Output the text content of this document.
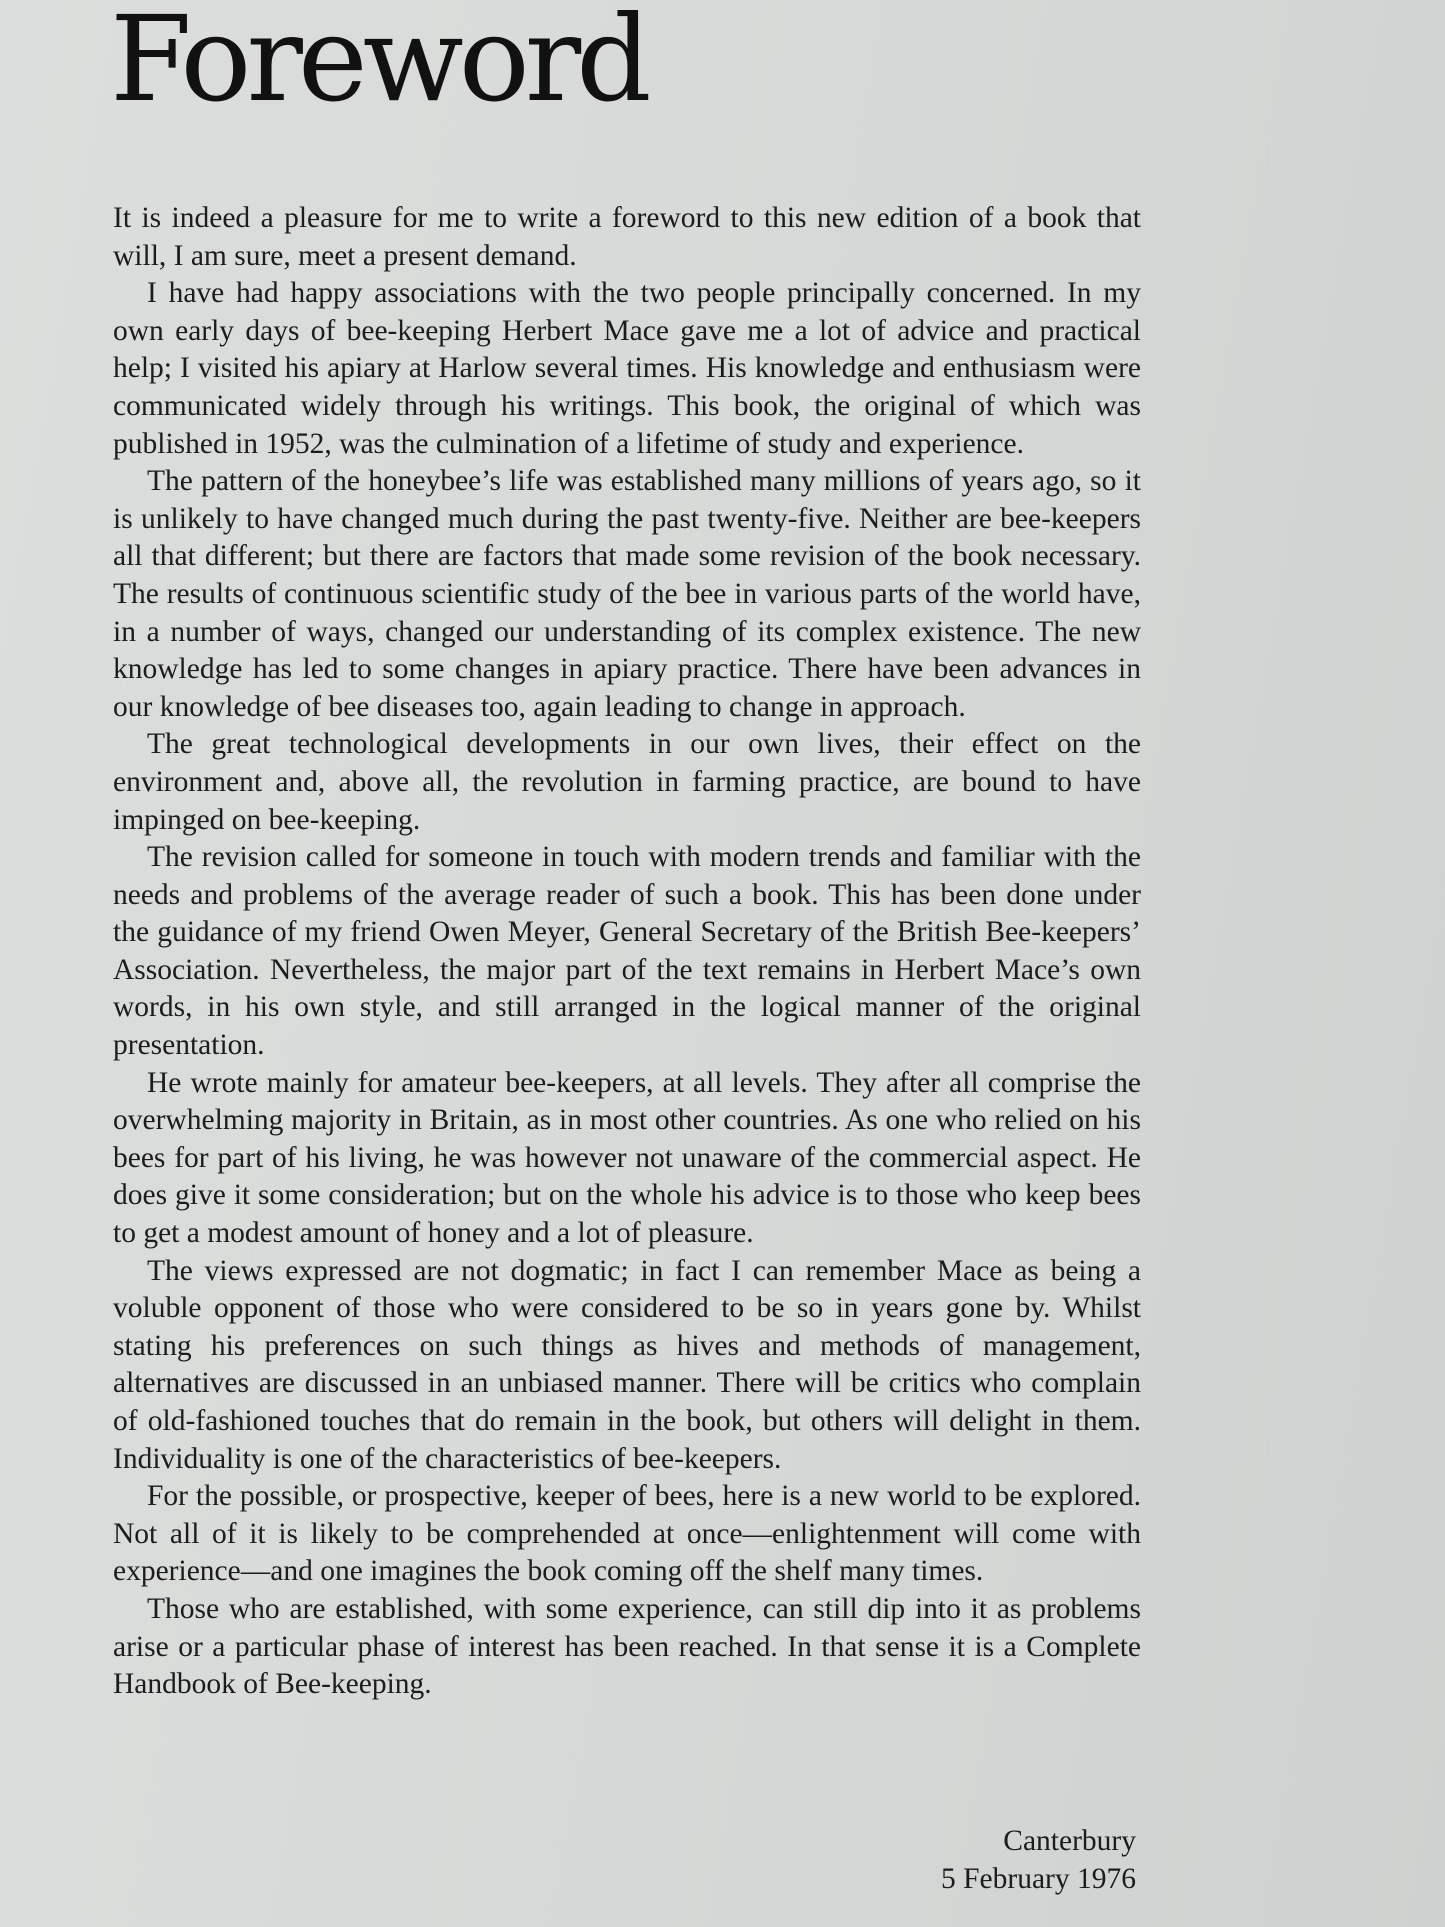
Foreword

It is indeed a pleasure for me to write a foreword to this new edition of a book that will, I am sure, meet a present demand.

I have had happy associations with the two people principally concerned. In my own early days of bee-keeping Herbert Mace gave me a lot of advice and practical help; I visited his apiary at Harlow several times. His knowledge and enthusiasm were communicated widely through his writings. This book, the original of which was published in 1952, was the culmination of a lifetime of study and experience.

The pattern of the honeybee’s life was established many millions of years ago, so it is unlikely to have changed much during the past twenty-five. Neither are bee-keepers all that different; but there are factors that made some revision of the book necessary. The results of continuous scientific study of the bee in various parts of the world have, in a number of ways, changed our understanding of its complex existence. The new knowledge has led to some changes in apiary practice. There have been advances in our knowledge of bee diseases too, again leading to change in approach.

The great technological developments in our own lives, their effect on the environment and, above all, the revolution in farming practice, are bound to have impinged on bee-keeping.

The revision called for someone in touch with modern trends and familiar with the needs and problems of the average reader of such a book. This has been done under the guidance of my friend Owen Meyer, General Secretary of the British Bee-keepers’ Association. Nevertheless, the major part of the text remains in Herbert Mace’s own words, in his own style, and still arranged in the logical manner of the original presentation.

He wrote mainly for amateur bee-keepers, at all levels. They after all comprise the overwhelming majority in Britain, as in most other countries. As one who relied on his bees for part of his living, he was however not unaware of the commercial aspect. He does give it some consideration; but on the whole his advice is to those who keep bees to get a modest amount of honey and a lot of pleasure.

The views expressed are not dogmatic; in fact I can remember Mace as being a voluble opponent of those who were considered to be so in years gone by. Whilst stating his preferences on such things as hives and methods of management, alternatives are discussed in an unbiased manner. There will be critics who complain of old-fashioned touches that do remain in the book, but others will delight in them. Individuality is one of the characteristics of bee-keepers.

For the possible, or prospective, keeper of bees, here is a new world to be explored. Not all of it is likely to be comprehended at once—enlightenment will come with experience—and one imagines the book coming off the shelf many times.

Those who are established, with some experience, can still dip into it as problems arise or a particular phase of interest has been reached. In that sense it is a Complete Handbook of Bee-keeping.

Canterbury
5 February 1976
